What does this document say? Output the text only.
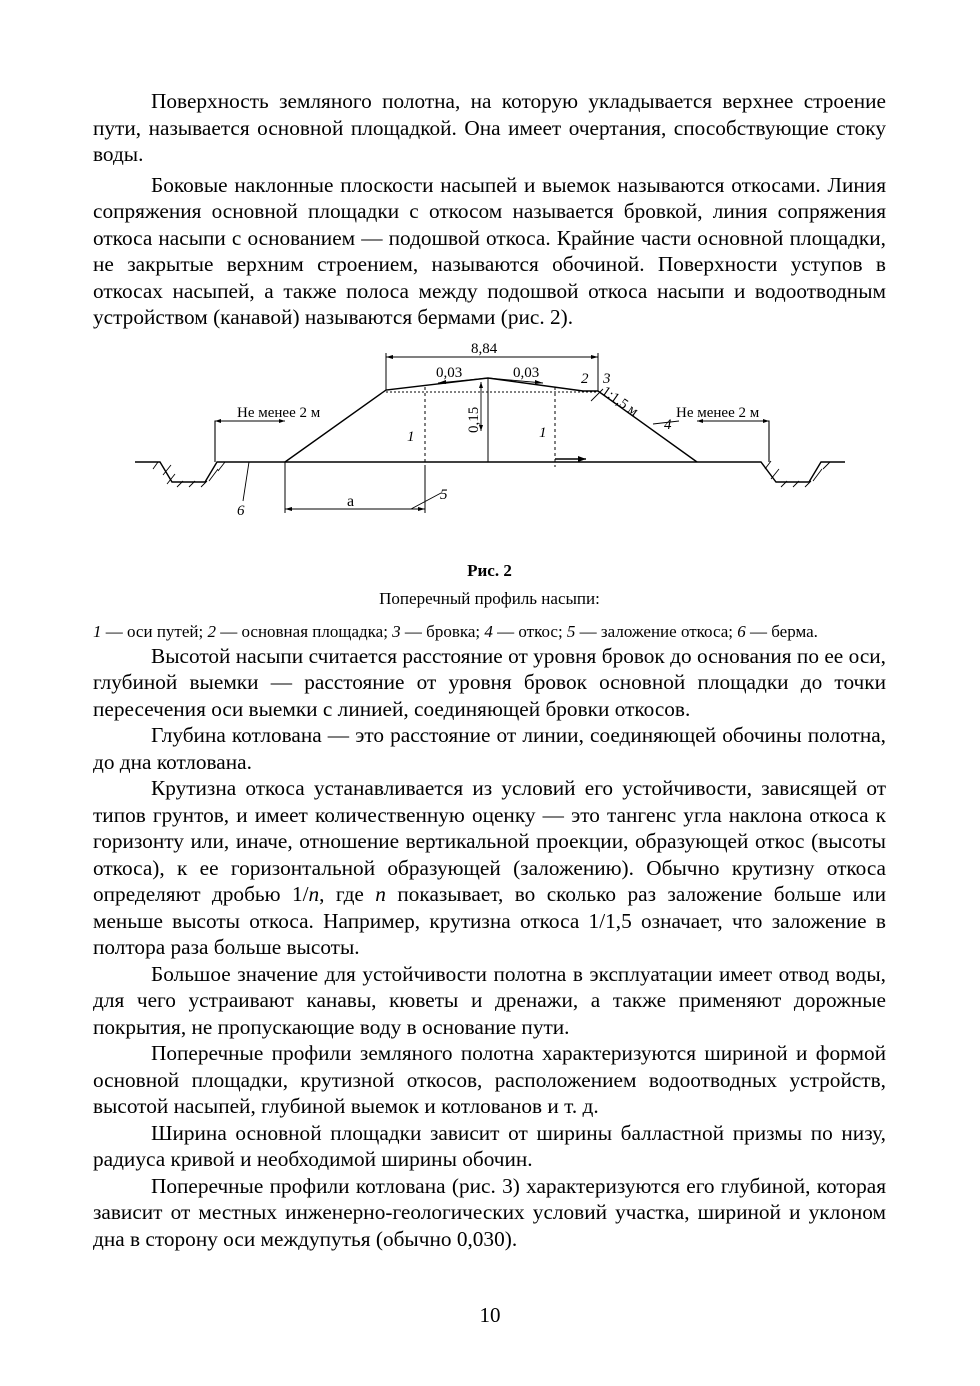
Поверхность земляного полотна, на которую укладывается верхнее строение пути, называется основной площадкой. Она имеет очертания, способствующие стоку воды.

Боковые наклонные плоскости насыпей и выемок называются откосами. Линия сопряжения основной площадки с откосом называется бровкой, линия сопряжения откоса насыпи с основанием — подошвой откоса. Крайние части основной площадки, не закрытые верхним строением, называются обочиной. Поверхности уступов в откосах насыпей, а также полоса между подошвой откоса насыпи и водоотводным устройством (канавой) называются бермами (рис. 2).

8,84
0,03	0,03
0,15
Не менее 2 м	Не менее 2 м
1:1,5 м
а
1	1
2 3
4
5
6
Рис. 2
Поперечный профиль насыпи:
1 — оси путей; 2 — основная площадка; 3 — бровка; 4 — откос; 5 — заложение откоса; 6 — берма.

Высотой насыпи считается расстояние от уровня бровок до основания по ее оси, глубиной выемки — расстояние от уровня бровок основной площадки до точки пересечения оси выемки с линией, соединяющей бровки откосов.

Глубина котлована — это расстояние от линии, соединяющей обочины полотна, до дна котлована.

Крутизна откоса устанавливается из условий его устойчивости, зависящей от типов грунтов, и имеет количественную оценку — это тангенс угла наклона откоса к горизонту или, иначе, отношение вертикальной проекции, образующей откос (высоты откоса), к ее горизонтальной образующей (заложению). Обычно крутизну откоса определяют дробью 1/n, где n показывает, во сколько раз заложение больше или меньше высоты откоса. Например, крутизна откоса 1/1,5 означает, что заложение в полтора раза больше высоты.

Большое значение для устойчивости полотна в эксплуатации имеет отвод воды, для чего устраивают канавы, кюветы и дренажи, а также применяют дорожные покрытия, не пропускающие воду в основание пути.

Поперечные профили земляного полотна характеризуются шириной и формой основной площадки, крутизной откосов, расположением водоотводных устройств, высотой насыпей, глубиной выемок и котлованов и т. д.

Ширина основной площадки зависит от ширины балластной призмы по низу, радиуса кривой и необходимой ширины обочин.

Поперечные профили котлована (рис. 3) характеризуются его глубиной, которая зависит от местных инженерно-геологических условий участка, шириной и уклоном дна в сторону оси междупутья (обычно 0,030).

10
